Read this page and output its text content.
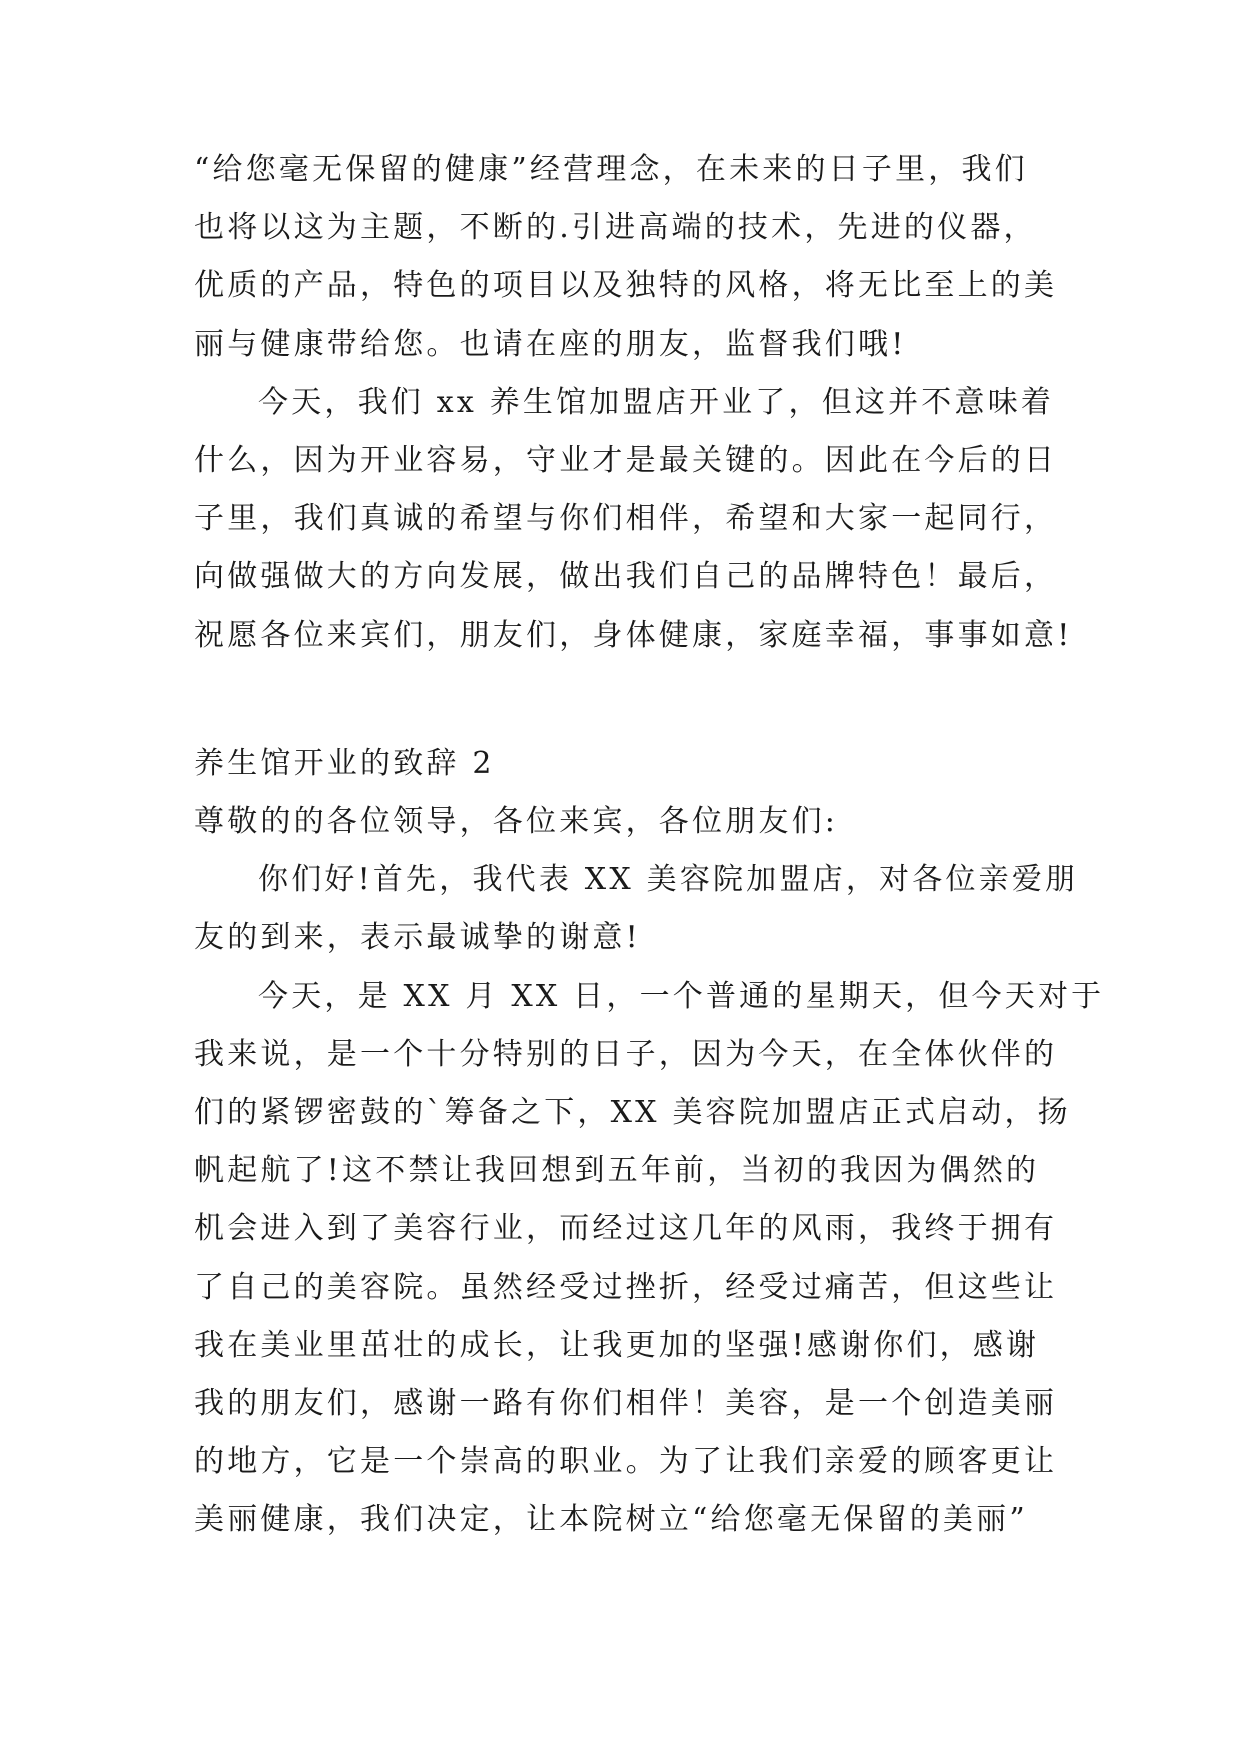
“给您毫无保留的健康”经营理念，在未来的日子里，我们
也将以这为主题，不断的.引进高端的技术，先进的仪器，
优质的产品，特色的项目以及独特的风格，将无比至上的美
丽与健康带给您。也请在座的朋友，监督我们哦!
今天，我们 xx 养生馆加盟店开业了，但这并不意味着
什么，因为开业容易，守业才是最关键的。因此在今后的日
子里，我们真诚的希望与你们相伴，希望和大家一起同行，
向做强做大的方向发展，做出我们自己的品牌特色！最后，
祝愿各位来宾们，朋友们，身体健康，家庭幸福，事事如意!
养生馆开业的致辞 2
尊敬的的各位领导，各位来宾，各位朋友们:
你们好!首先，我代表 XX 美容院加盟店，对各位亲爱朋
友的到来，表示最诚挚的谢意!
今天，是 XX 月 XX 日，一个普通的星期天，但今天对于
我来说，是一个十分特别的日子，因为今天，在全体伙伴的
们的紧锣密鼓的`筹备之下，XX 美容院加盟店正式启动，扬
帆起航了!这不禁让我回想到五年前，当初的我因为偶然的
机会进入到了美容行业，而经过这几年的风雨，我终于拥有
了自己的美容院。虽然经受过挫折，经受过痛苦，但这些让
我在美业里茁壮的成长，让我更加的坚强!感谢你们，感谢
我的朋友们，感谢一路有你们相伴！美容，是一个创造美丽
的地方，它是一个崇高的职业。为了让我们亲爱的顾客更让
美丽健康，我们决定，让本院树立“给您毫无保留的美丽”
